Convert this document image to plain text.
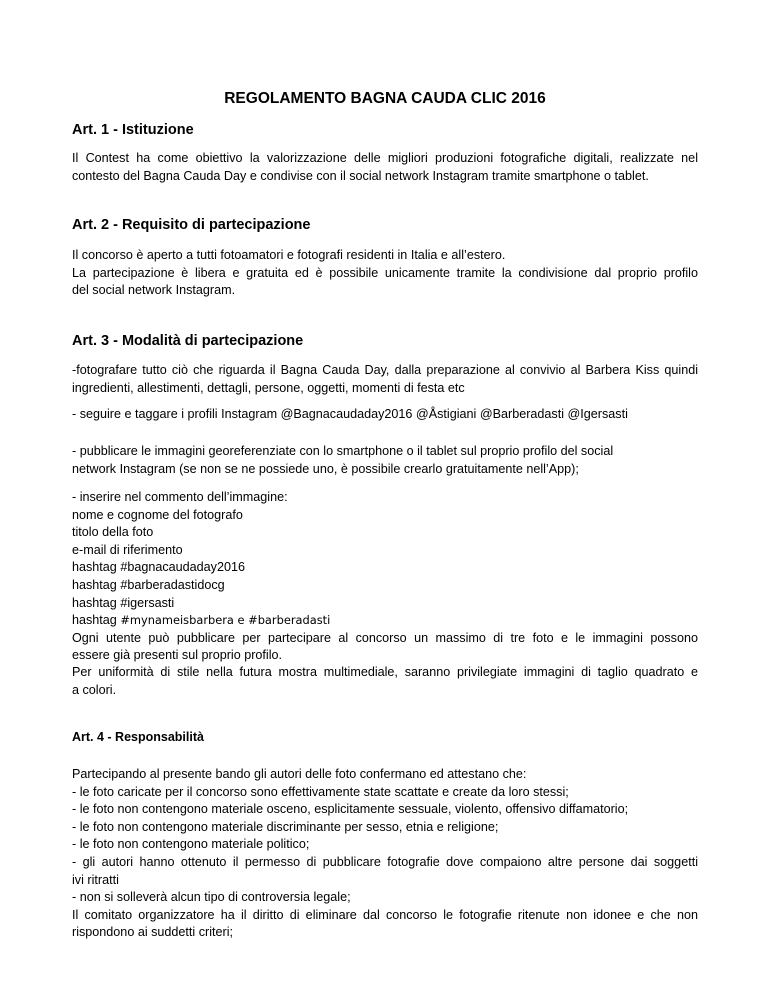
REGOLAMENTO BAGNA CAUDA CLIC 2016
Art. 1 - Istituzione
Il Contest ha come obiettivo la valorizzazione delle migliori produzioni fotografiche digitali, realizzate nel
contesto del Bagna Cauda Day e condivise con il social network Instagram tramite smartphone o tablet.
Art. 2 - Requisito di partecipazione
Il concorso è aperto a tutti fotoamatori e fotografi residenti in Italia e all’estero.
La partecipazione è libera e gratuita ed è possibile unicamente tramite la condivisione dal proprio profilo
del social network Instagram.
Art. 3 - Modalità di partecipazione
-fotografare tutto ciò che riguarda il Bagna Cauda Day, dalla preparazione al convivio al Barbera Kiss quindi
ingredienti, allestimenti, dettagli, persone, oggetti, momenti di festa etc
- seguire e taggare i profili Instagram @Bagnacaudaday2016 @Åstigiani @Barberadasti @Igersasti
- pubblicare le immagini georeferenziate con lo smartphone o il tablet sul proprio profilo del social
network Instagram (se non se ne possiede uno, è possibile crearlo gratuitamente nell’App);
- inserire nel commento dell’immagine:
nome e cognome del fotografo
titolo della foto
e-mail di riferimento
hashtag #bagnacaudaday2016
hashtag #barberadastidocg
hashtag #igersasti
hashtag #mynameisbarbera e #barberadasti
Ogni utente può pubblicare per partecipare al concorso un massimo di tre foto e le immagini possono
essere già presenti sul proprio profilo.
Per uniformità di stile nella futura mostra multimediale, saranno privilegiate immagini di taglio quadrato e
a colori.
Art. 4 - Responsabilità
Partecipando al presente bando gli autori delle foto confermano ed attestano che:
- le foto caricate per il concorso sono effettivamente state scattate e create da loro stessi;
- le foto non contengono materiale osceno, esplicitamente sessuale, violento, offensivo diffamatorio;
- le foto non contengono materiale discriminante per sesso, etnia e religione;
- le foto non contengono materiale politico;
- gli autori hanno ottenuto il permesso di pubblicare fotografie dove compaiono altre persone dai soggetti
ivi ritratti
- non si solleverà alcun tipo di controversia legale;
Il comitato organizzatore ha il diritto di eliminare dal concorso le fotografie ritenute non idonee e che non
rispondono ai suddetti criteri;
